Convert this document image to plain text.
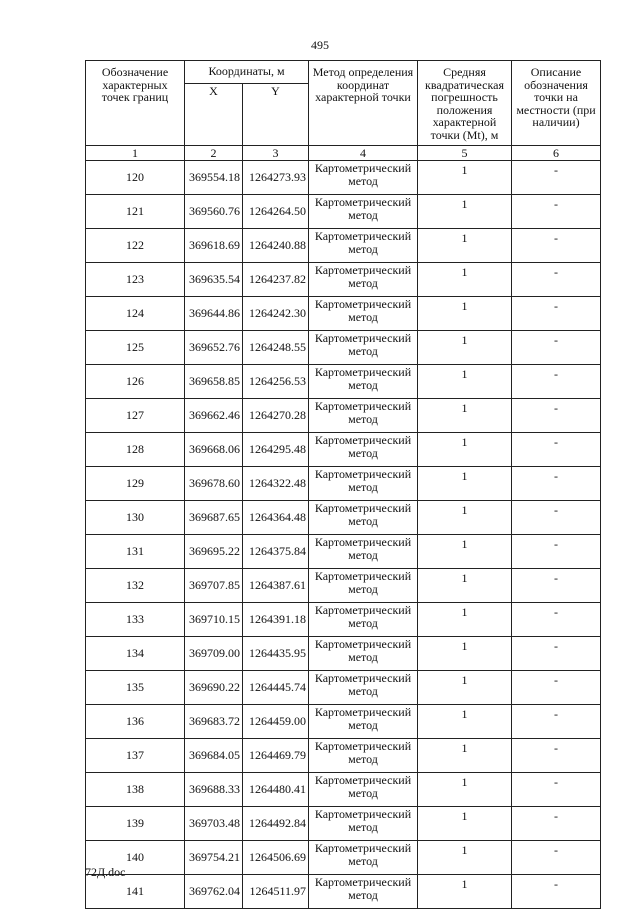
495
Обозначение характерных точек границ	Координаты, м		Метод определения координат характерной точки	Средняя квадратическая погрешность положения характерной точки (Mt), м	Описание обозначения точки на местности (при наличии)
	X	Y			
1	2	3	4	5	6
120	369554.18	1264273.93	Картометрический метод	1	-
121	369560.76	1264264.50	Картометрический метод	1	-
122	369618.69	1264240.88	Картометрический метод	1	-
123	369635.54	1264237.82	Картометрический метод	1	-
124	369644.86	1264242.30	Картометрический метод	1	-
125	369652.76	1264248.55	Картометрический метод	1	-
126	369658.85	1264256.53	Картометрический метод	1	-
127	369662.46	1264270.28	Картометрический метод	1	-
128	369668.06	1264295.48	Картометрический метод	1	-
129	369678.60	1264322.48	Картометрический метод	1	-
130	369687.65	1264364.48	Картометрический метод	1	-
131	369695.22	1264375.84	Картометрический метод	1	-
132	369707.85	1264387.61	Картометрический метод	1	-
133	369710.15	1264391.18	Картометрический метод	1	-
134	369709.00	1264435.95	Картометрический метод	1	-
135	369690.22	1264445.74	Картометрический метод	1	-
136	369683.72	1264459.00	Картометрический метод	1	-
137	369684.05	1264469.79	Картометрический метод	1	-
138	369688.33	1264480.41	Картометрический метод	1	-
139	369703.48	1264492.84	Картометрический метод	1	-
140	369754.21	1264506.69	Картометрический метод	1	-
141	369762.04	1264511.97	Картометрический метод	1	-
72Д.doc
